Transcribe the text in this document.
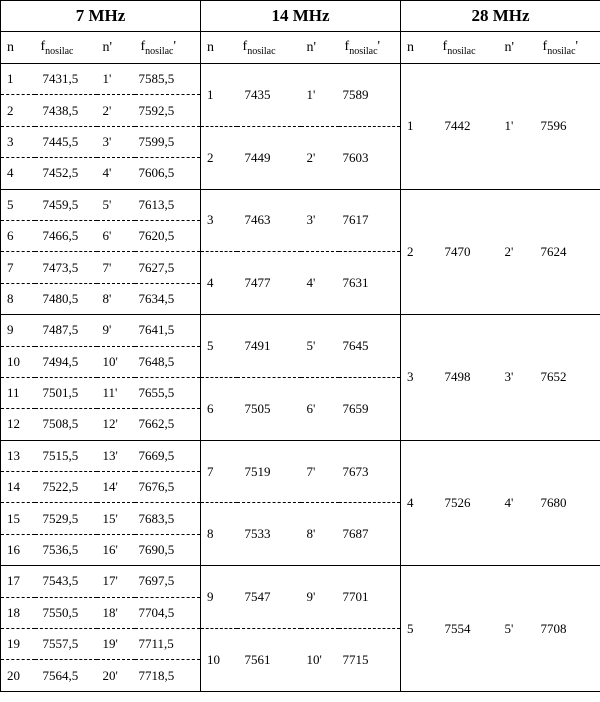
7 MHz				14 MHz				28 MHz			
n	$f_{nosilac}$	n'	$f_{nosilac}'$	n	$f_{nosilac}$	n'	$f_{nosilac}'$	n	$f_{nosilac}$	n'	$f_{nosilac}'$
1	7431,5	1'	7585,5	1	7435	1'	7589	1	7442	1'	7596
2	7438,5	2'	7592,5								
3	7445,5	3'	7599,5	2	7449	2'	7603				
4	7452,5	4'	7606,5								
5	7459,5	5'	7613,5	3	7463	3'	7617	2	7470	2'	7624
6	7466,5	6'	7620,5								
7	7473,5	7'	7627,5	4	7477	4'	7631				
8	7480,5	8'	7634,5								
9	7487,5	9'	7641,5	5	7491	5'	7645	3	7498	3'	7652
10	7494,5	10'	7648,5								
11	7501,5	11'	7655,5	6	7505	6'	7659				
12	7508,5	12'	7662,5								
13	7515,5	13'	7669,5	7	7519	7'	7673	4	7526	4'	7680
14	7522,5	14'	7676,5								
15	7529,5	15'	7683,5	8	7533	8'	7687				
16	7536,5	16'	7690,5								
17	7543,5	17'	7697,5	9	7547	9'	7701	5	7554	5'	7708
18	7550,5	18'	7704,5								
19	7557,5	19'	7711,5	10	7561	10'	7715				
20	7564,5	20'	7718,5								
